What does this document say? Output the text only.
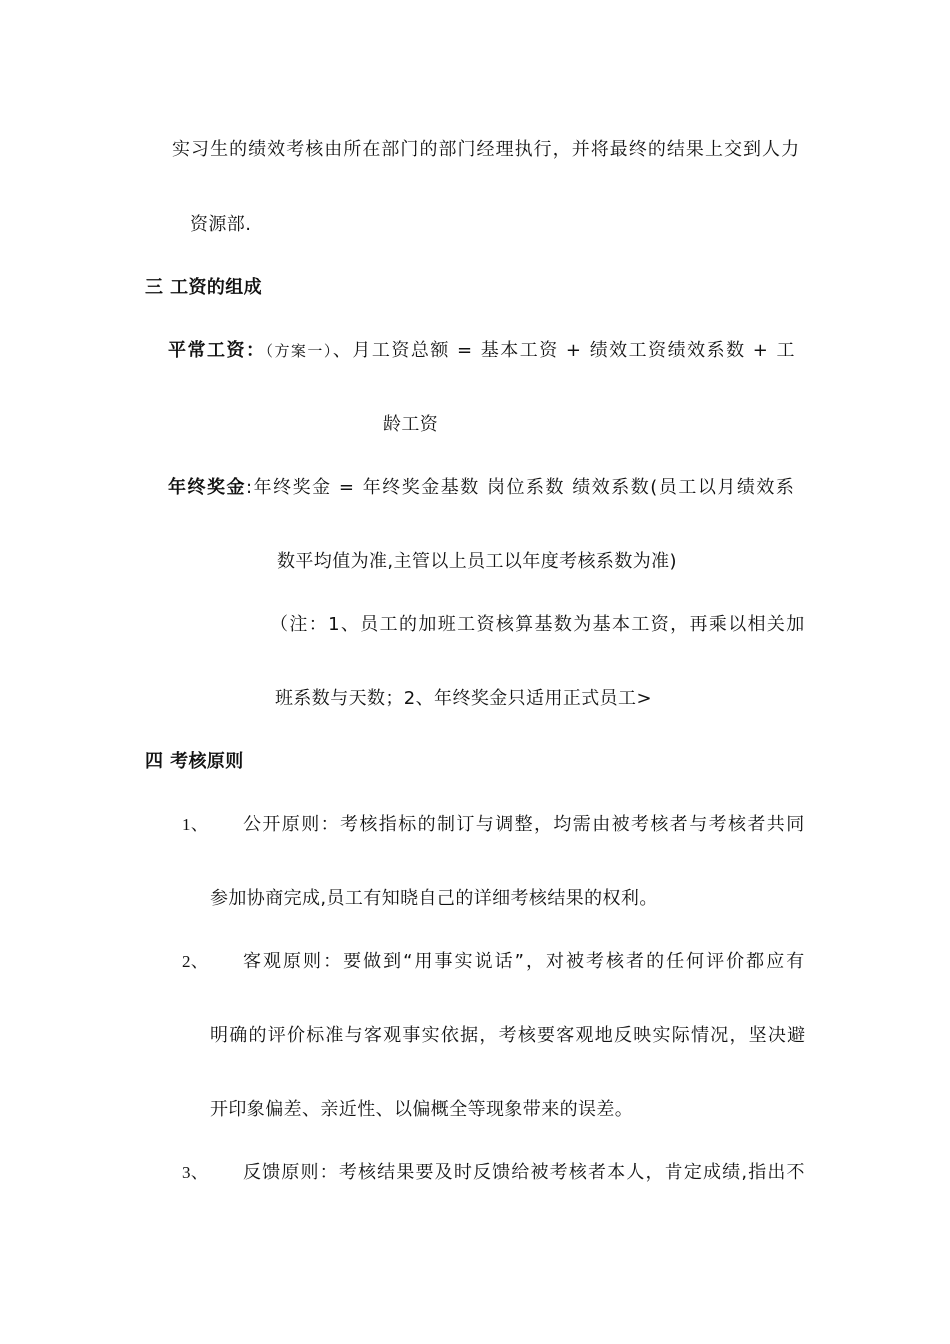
实习生的绩效考核由所在部门的部门经理执行，并将最终的结果上交到人力
资源部.
三 工资的组成
平常工资：（方案一）、月工资总额 = 基本工资 + 绩效工资绩效系数 + 工
龄工资
年终奖金:年终奖金 = 年终奖金基数 岗位系数 绩效系数(员工以月绩效系
数平均值为准,主管以上员工以年度考核系数为准)
（注：1、员工的加班工资核算基数为基本工资，再乘以相关加
班系数与天数；2、年终奖金只适用正式员工>
四 考核原则
1、 公开原则：考核指标的制订与调整，均需由被考核者与考核者共同
参加协商完成,员工有知晓自己的详细考核结果的权利。
2、 客观原则：要做到“用事实说话”，对被考核者的任何评价都应有
明确的评价标准与客观事实依据，考核要客观地反映实际情况，坚决避
开印象偏差、亲近性、以偏概全等现象带来的误差。
3、 反馈原则：考核结果要及时反馈给被考核者本人，肯定成绩,指出不
